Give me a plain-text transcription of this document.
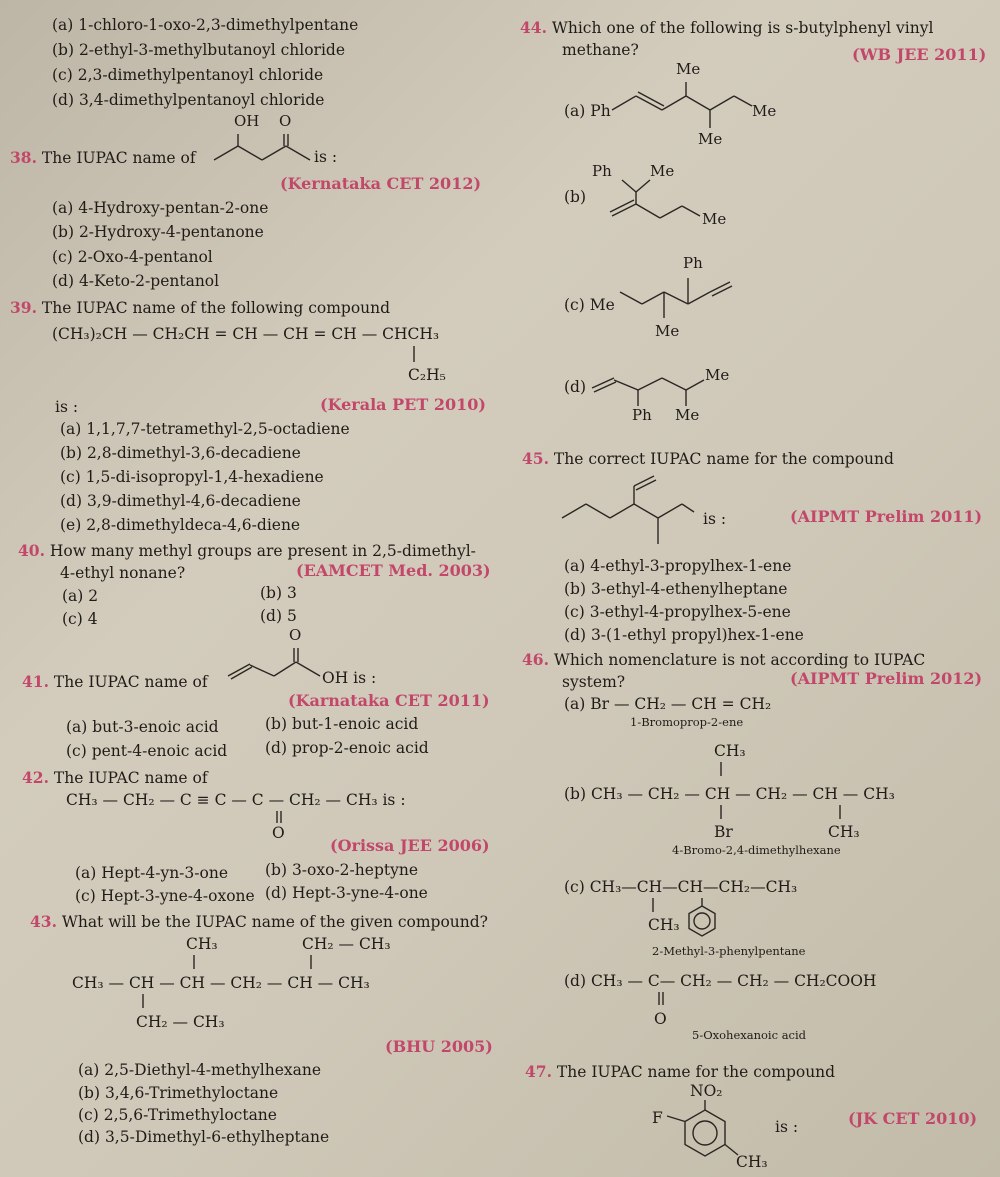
(a) 1-chloro-1-oxo-2,3-dimethylpentane
(b) 2-ethyl-3-methylbutanoyl chloride
(c) 2,3-dimethylpentanoyl chloride
(d) 3,4-dimethylpentanoyl chloride
38. The IUPAC name of
OH O
is :
(Kernataka CET 2012)
(a) 4-Hydroxy-pentan-2-one
(b) 2-Hydroxy-4-pentanone
(c) 2-Oxo-4-pentanol
(d) 4-Keto-2-pentanol
39. The IUPAC name of the following compound
(CH₃)₂CH — CH₂CH = CH — CH = CH — CHCH₃
C₂H₅
is :	(Kerala PET 2010)
(a) 1,1,7,7-tetramethyl-2,5-octadiene
(b) 2,8-dimethyl-3,6-decadiene
(c) 1,5-di-isopropyl-1,4-hexadiene
(d) 3,9-dimethyl-4,6-decadiene
(e) 2,8-dimethyldeca-4,6-diene
40. How many methyl groups are present in 2,5-dimethyl-
4-ethyl nonane?	(EAMCET Med. 2003)
(a) 2	(b) 3
(c) 4	(d) 5
O
41. The IUPAC name of	OH is :
(Karnataka CET 2011)
(a) but-3-enoic acid	(b) but-1-enoic acid
(c) pent-4-enoic acid (d) prop-2-enoic acid
42. The IUPAC name of
CH₃ — CH₂ — C ≡ C — C — CH₂ — CH₃ is :
O
(Orissa JEE 2006)
(a) Hept-4-yn-3-one (b) 3-oxo-2-heptyne
(c) Hept-3-yne-4-oxone (d) Hept-3-yne-4-one
43. What will be the IUPAC name of the given compound?
CH₃	CH₂ — CH₃
CH₃ — CH — CH — CH₂ — CH — CH₃
CH₂ — CH₃
(BHU 2005)
(a) 2,5-Diethyl-4-methylhexane
(b) 3,4,6-Trimethyloctane
(c) 2,5,6-Trimethyloctane
(d) 3,5-Dimethyl-6-ethylheptane
44. Which one of the following is s-butylphenyl vinyl
methane?	(WB JEE 2011)
(a) Ph
Me
Me
Me
(b)
Ph	Me
Me
(c) Me
Ph
Me
(d)
Me
Ph Me
45. The correct IUPAC name for the compound
is :	(AIPMT Prelim 2011)
(a) 4-ethyl-3-propylhex-1-ene
(b) 3-ethyl-4-ethenylheptane
(c) 3-ethyl-4-propylhex-5-ene
(d) 3-(1-ethyl propyl)hex-1-ene
46. Which nomenclature is not according to IUPAC
system?	(AIPMT Prelim 2012)
(a) Br — CH₂ — CH = CH₂
1-Bromoprop-2-ene
CH₃
(b) CH₃ — CH₂ — CH — CH₂ — CH — CH₃
Br	CH₃
4-Bromo-2,4-dimethylhexane
(c) CH₃—CH—CH—CH₂—CH₃
CH₃
2-Methyl-3-phenylpentane
(d) CH₃ — C— CH₂ — CH₂ — CH₂COOH
O
5-Oxohexanoic acid
47. The IUPAC name for the compound
NO₂
F
CH₃
is :	(JK CET 2010)
